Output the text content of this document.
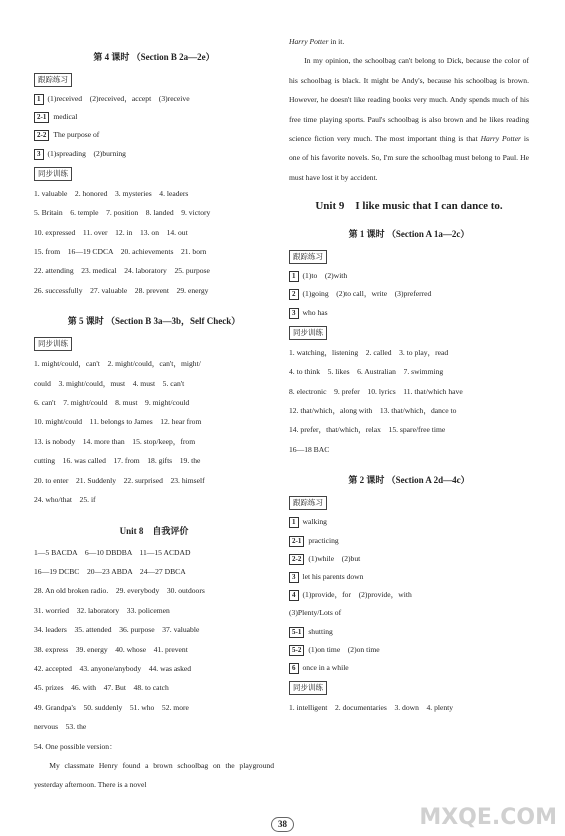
第 4 课时 （Section B 2a—2e）
跟踪练习
1 (1)received　(2)received，accept　(3)receive
2-1 medical
2-2 The purpose of
3 (1)spreading　(2)burning
同步训练
1. valuable　2. honored　3. mysteries　4. leaders
5. Britain　6. temple　7. position　8. landed　9. victory
10. expressed　11. over　12. in　13. on　14. out
15. from　16—19 CDCA　20. achievements　21. born
22. attending　23. medical　24. laboratory　25. purpose
26. successfully　27. valuable　28. prevent　29. energy
第 5 课时 （Section B 3a—3b，Self Check）
同步训练
1. might/could，can't　2. might/could，can't，might/
could　3. might/could，must　4. must　5. can't
6. can't　7. might/could　8. must　9. might/could
10. might/could　11. belongs to James　12. hear from
13. is nobody　14. more than　15. stop/keep，from
cutting　16. was called　17. from　18. gifts　19. the
20. to enter　21. Suddenly　22. surprised　23. himself
24. who/that　25. if
Unit 8　自我评价
1—5 BACDA　6—10 DBDBA　11—15 ACDAD
16—19 DCBC　20—23 ABDA　24—27 DBCA
28. An old broken radio.　29. everybody　30. outdoors
31. worried　32. laboratory　33. policemen
34. leaders　35. attended　36. purpose　37. valuable
38. express　39. energy　40. whose　41. prevent
42. accepted　43. anyone/anybody　44. was asked
45. prizes　46. with　47. But　48. to catch
49. Grandpa's　50. suddenly　51. who　52. more
nervous　53. the
54. One possible version：

My classmate Henry found a brown schoolbag on the playground yesterday afternoon. There is a novel

Harry Potter in it.

In my opinion, the schoolbag can't belong to Dick, because the color of his schoolbag is black. It might be Andy's, because his schoolbag is brown. However, he doesn't like reading books very much. Andy spends much of his free time playing sports. Paul's schoolbag is also brown and he likes reading science fiction very much. The most important thing is that Harry Potter is one of his favorite novels. So, I'm sure the schoolbag must belong to Paul. He must have lost it by accident.

Unit 9　I like music that I can dance to.
第 1 课时 （Section A 1a—2c）
跟踪练习
1 (1)to　(2)with
2 (1)going　(2)to call，write　(3)preferred
3 who has
同步训练
1. watching，listening　2. called　3. to play，read
4. to think　5. likes　6. Australian　7. swimming
8. electronic　9. prefer　10. lyrics　11. that/which have
12. that/which，along with　13. that/which，dance to
14. prefer，that/which，relax　15. spare/free time
16—18 BAC
第 2 课时 （Section A 2d—4c）
跟踪练习
1 walking
2-1 practicing
2-2 (1)while　(2)but
3 let his parents down
4 (1)provide，for　(2)provide，with
(3)Plenty/Lots of
5-1 shutting
5-2 (1)on time　(2)on time
6 once in a while
同步训练
1. intelligent　2. documentaries　3. down　4. plenty
38	MXQE.COM
